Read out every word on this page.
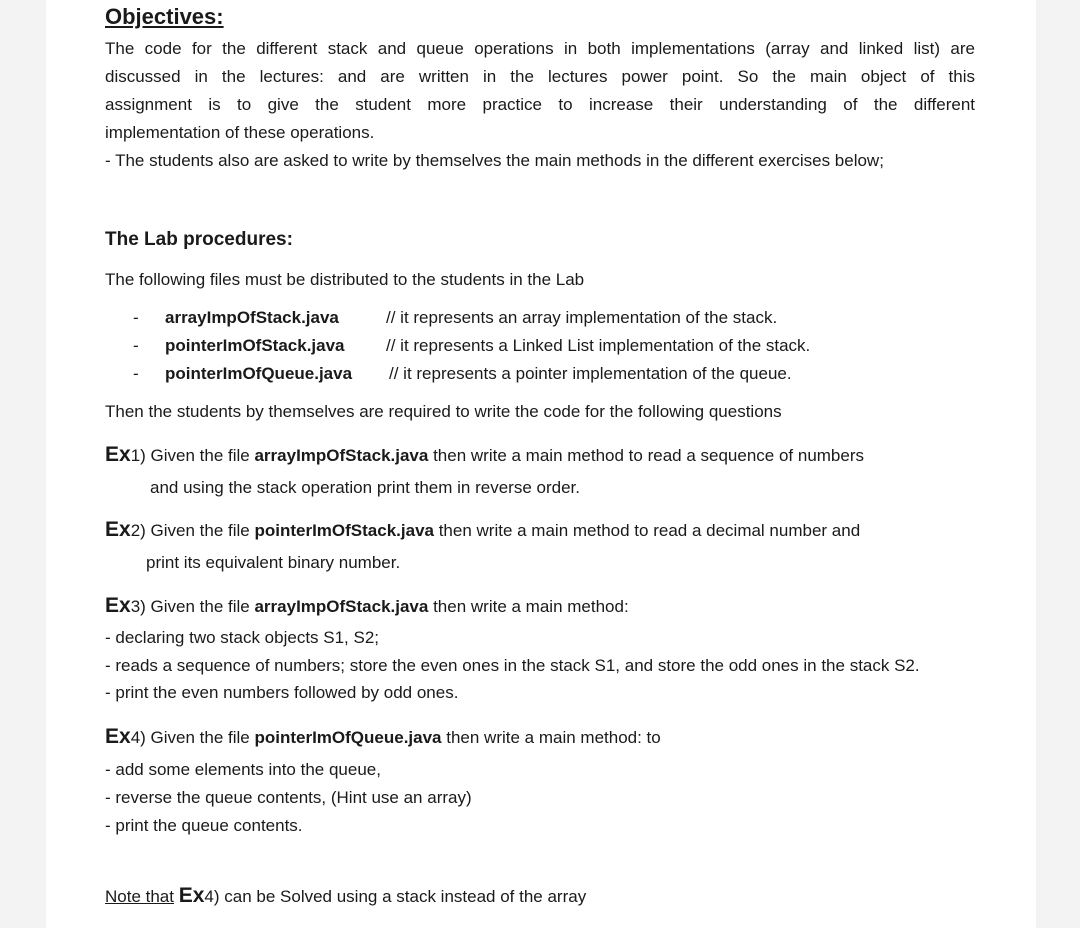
Objectives:
The code for the different stack and queue operations in both implementations (array and linked list) are
discussed in the lectures: and are written in the lectures power point. So the main object of this
assignment is to give the student more practice to increase their understanding of the different
implementation of these operations.
- The students also are asked to write by themselves the main methods in the different exercises below;
The Lab procedures:
The following files must be distributed to the students in the Lab
- arrayImpOfStack.java	// it represents an array implementation of the stack.
- pointerImOfStack.java // it represents a Linked List implementation of the stack.
- pointerImOfQueue.java // it represents a pointer implementation of the queue.
Then the students by themselves are required to write the code for the following questions
Ex1) Given the file arrayImpOfStack.java then write a main method to read a sequence of numbers
and using the stack operation print them in reverse order.
Ex2) Given the file pointerImOfStack.java then write a main method to read a decimal number and
print its equivalent binary number.
Ex3) Given the file arrayImpOfStack.java then write a main method:
- declaring two stack objects S1, S2;
- reads a sequence of numbers; store the even ones in the stack S1, and store the odd ones in the stack S2.
- print the even numbers followed by odd ones.
Ex4) Given the file pointerImOfQueue.java then write a main method: to
- add some elements into the queue,
- reverse the queue contents, (Hint use an array)
- print the queue contents.
Note that Ex4) can be Solved using a stack instead of the array
